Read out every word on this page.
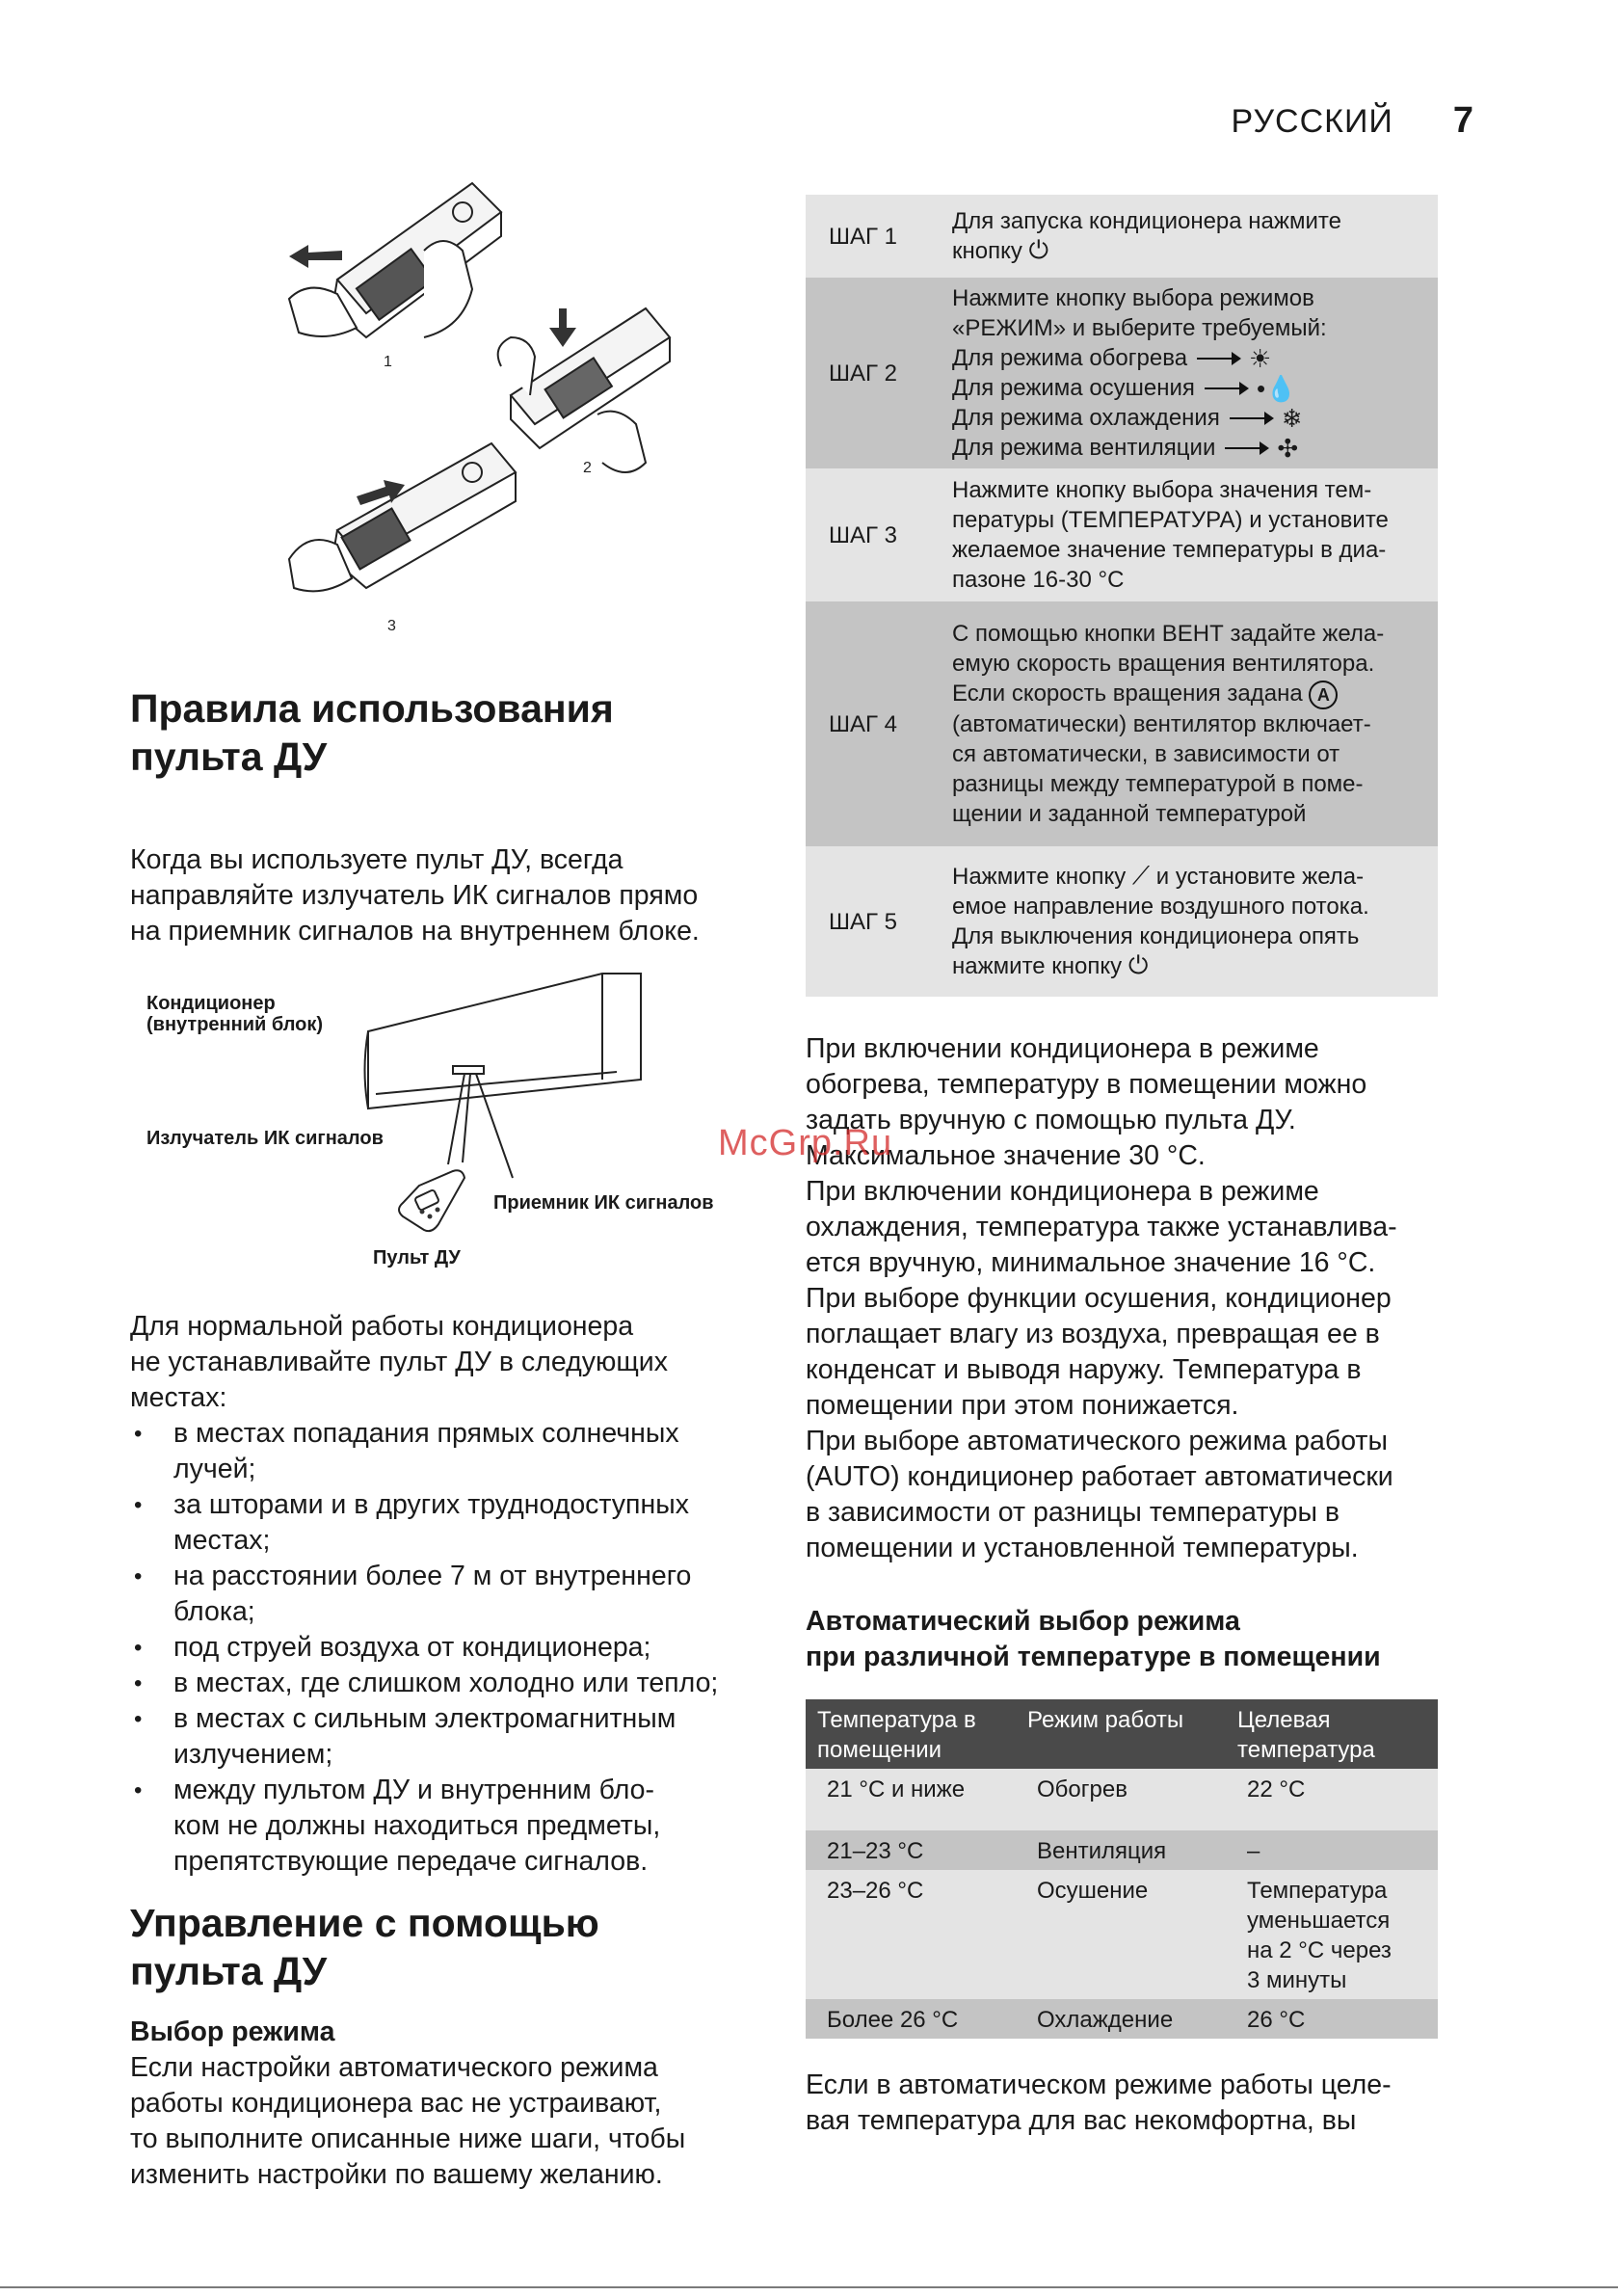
РУССКИЙ 7
1
2
3
Правила использования
пульта ДУ

Когда вы используете пульт ДУ, всегда

направляйте излучатель ИК сигналов прямо

на приемник сигналов на внутреннем блоке.

Кондиционер
(внутренний блок)
Излучатель ИК сигналов
Приемник ИК сигналов
Пульт ДУ

Для нормальной работы кондиционера

не устанавливайте пульт ДУ в следующих

местах:

• в местах попадания прямых солнечных
лучей;
• за шторами и в других труднодоступных
местах;
• на расстоянии более 7 м от внутреннего
блока;
• под струей воздуха от кондиционера;
• в местах, где слишком холодно или тепло;
• в местах с сильным электромагнитным
излучением;
• между пультом ДУ и внутренним бло-
ком не должны находиться предметы,
препятствующие передаче сигналов.
Управление с помощью
пульта ДУ
Выбор режима

Если настройки автоматического режима

работы кондиционера вас не устраивают,

то выполните описанные ниже шаги, чтобы

изменить настройки по вашему желанию.

ШАГ 1
Для запуска кондиционера нажмите
кнопку ⏻
ШАГ 2
Нажмите кнопку выбора режимов
«РЕЖИМ» и выберите требуемый:
Для режима обогрева ☀
Для режима осушения •💧
Для режима охлаждения ❄
Для режима вентиляции ✣
ШАГ 3
Нажмите кнопку выбора значения тем-
пературы (ТЕМПЕРАТУРА) и установите
желаемое значение температуры в диа-
пазоне 16-30 °C
ШАГ 4
С помощью кнопки ВЕНТ задайте жела-
емую скорость вращения вентилятора.
Если скорость вращения задана A
(автоматически) вентилятор включает-
ся автоматически, в зависимости от
разницы между температурой в поме-
щении и заданной температурой
ШАГ 5
Нажмите кнопку ⟋ и установите жела-
емое направление воздушного потока.
Для выключения кондиционера опять
нажмите кнопку ⏻

При включении кондиционера в режиме

обогрева, температуру в помещении можно

задать вручную с помощью пульта ДУ.

Максимальное значение 30 °C.

При включении кондиционера в режиме

охлаждения, температура также устанавлива-

ется вручную, минимальное значение 16 °C.

При выборе функции осушения, кондиционер

поглащает влагу из воздуха, превращая ее в

конденсат и выводя наружу. Температура в

помещении при этом понижается.

При выборе автоматического режима работы

(AUTO) кондиционер работает автоматически

в зависимости от разницы температуры в

помещении и установленной температуры.

McGrp.Ru
Автоматический выбор режима
при различной температуре в помещении
Температура в
помещении	Режим работы	Целевая
температура
21 °C и ниже	Обогрев	22 °C
21–23 °C	Вентиляция	–
23–26 °C	Осушение	Температура
уменьшается
на 2 °C через
3 минуты
Более 26 °C	Охлаждение	26 °C

Если в автоматическом режиме работы целе-

вая температура для вас некомфортна, вы
